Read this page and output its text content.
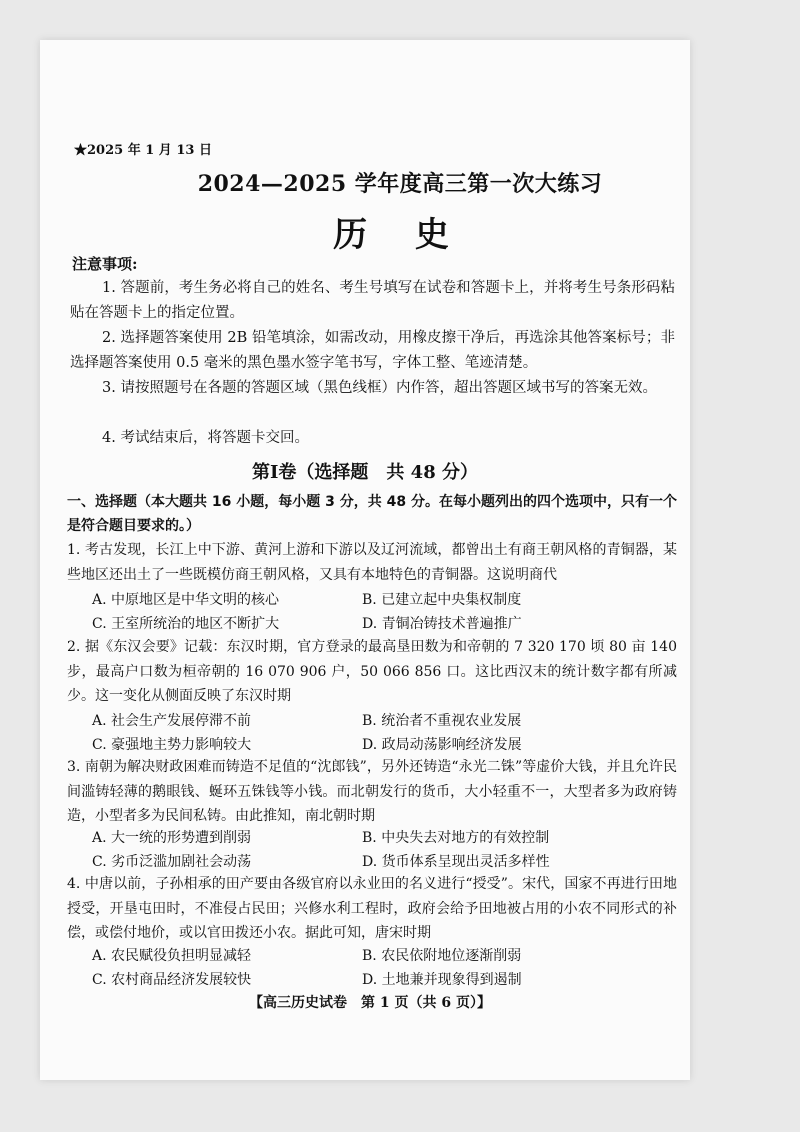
★2025 年 1 月 13 日
2024—2025 学年度高三第一次大练习
历 史
注意事项:
1. 答题前，考生务必将自己的姓名、考生号填写在试卷和答题卡上，并将考生号条形码粘贴在答题卡上的指定位置。
2. 选择题答案使用 2B 铅笔填涂，如需改动，用橡皮擦干净后，再选涂其他答案标号；非选择题答案使用 0.5 毫米的黑色墨水签字笔书写，字体工整、笔迹清楚。
3. 请按照题号在各题的答题区域（黑色线框）内作答，超出答题区域书写的答案无效。
4. 考试结束后，将答题卡交回。
第Ⅰ卷（选择题　共 48 分）
一、选择题（本大题共 16 小题，每小题 3 分，共 48 分。在每小题列出的四个选项中，只有一个是符合题目要求的。）
1. 考古发现，长江上中下游、黄河上游和下游以及辽河流域，都曾出土有商王朝风格的青铜器，某些地区还出土了一些既模仿商王朝风格，又具有本地特色的青铜器。这说明商代
A. 中原地区是中华文明的核心	B. 已建立起中央集权制度
C. 王室所统治的地区不断扩大	D. 青铜冶铸技术普遍推广
2. 据《东汉会要》记载：东汉时期，官方登录的最高垦田数为和帝朝的 7 320 170 顷 80 亩 140 步，最高户口数为桓帝朝的 16 070 906 户，50 066 856 口。这比西汉末的统计数字都有所减少。这一变化从侧面反映了东汉时期
A. 社会生产发展停滞不前	B. 统治者不重视农业发展
C. 豪强地主势力影响较大	D. 政局动荡影响经济发展
3. 南朝为解决财政困难而铸造不足值的“沈郎钱”，另外还铸造“永光二铢”等虚价大钱，并且允许民间滥铸轻薄的鹅眼钱、蜒环五铢钱等小钱。而北朝发行的货币，大小轻重不一，大型者多为政府铸造，小型者多为民间私铸。由此推知，南北朝时期
A. 大一统的形势遭到削弱	B. 中央失去对地方的有效控制
C. 劣币泛滥加剧社会动荡	D. 货币体系呈现出灵活多样性
4. 中唐以前，子孙相承的田产要由各级官府以永业田的名义进行“授受”。宋代，国家不再进行田地授受，开垦屯田时，不准侵占民田；兴修水利工程时，政府会给予田地被占用的小农不同形式的补偿，或偿付地价，或以官田拨还小农。据此可知，唐宋时期
A. 农民赋役负担明显减轻	B. 农民依附地位逐渐削弱
C. 农村商品经济发展较快	D. 土地兼并现象得到遏制
【高三历史试卷　第 1 页（共 6 页）】
